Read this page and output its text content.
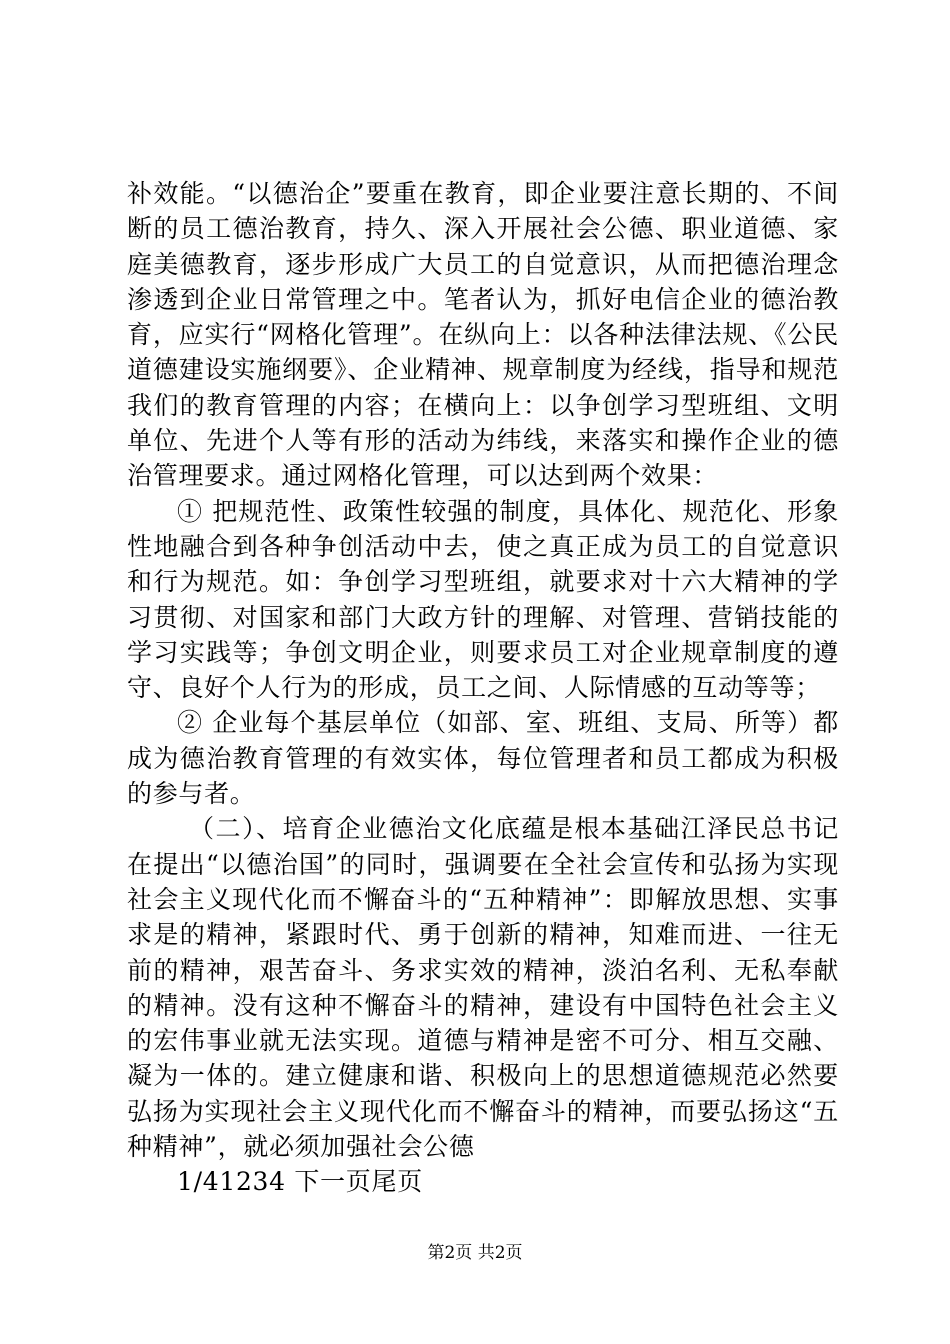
补效能。“以德治企”要重在教育，即企业要注意长期的、不间断的员工德治教育，持久、深入开展社会公德、职业道德、家庭美德教育，逐步形成广大员工的自觉意识，从而把德治理念渗透到企业日常管理之中。笔者认为，抓好电信企业的德治教育，应实行“网格化管理”。在纵向上：以各种法律法规、《公民道德建设实施纲要》、企业精神、规章制度为经线，指导和规范我们的教育管理的内容；在横向上：以争创学习型班组、文明单位、先进个人等有形的活动为纬线，来落实和操作企业的德治管理要求。通过网格化管理，可以达到两个效果：

① 把规范性、政策性较强的制度，具体化、规范化、形象性地融合到各种争创活动中去，使之真正成为员工的自觉意识和行为规范。如：争创学习型班组，就要求对十六大精神的学习贯彻、对国家和部门大政方针的理解、对管理、营销技能的学习实践等；争创文明企业，则要求员工对企业规章制度的遵守、良好个人行为的形成，员工之间、人际情感的互动等等；

② 企业每个基层单位（如部、室、班组、支局、所等）都成为德治教育管理的有效实体，每位管理者和员工都成为积极的参与者。

（二）、培育企业德治文化底蕴是根本基础江泽民总书记在提出“以德治国”的同时，强调要在全社会宣传和弘扬为实现社会主义现代化而不懈奋斗的“五种精神”：即解放思想、实事求是的精神，紧跟时代、勇于创新的精神，知难而进、一往无前的精神，艰苦奋斗、务求实效的精神，淡泊名利、无私奉献的精神。没有这种不懈奋斗的精神，建设有中国特色社会主义的宏伟事业就无法实现。道德与精神是密不可分、相互交融、凝为一体的。建立健康和谐、积极向上的思想道德规范必然要弘扬为实现社会主义现代化而不懈奋斗的精神，而要弘扬这“五种精神”，就必须加强社会公德

1/41234 下一页尾页

第2页 共2页
